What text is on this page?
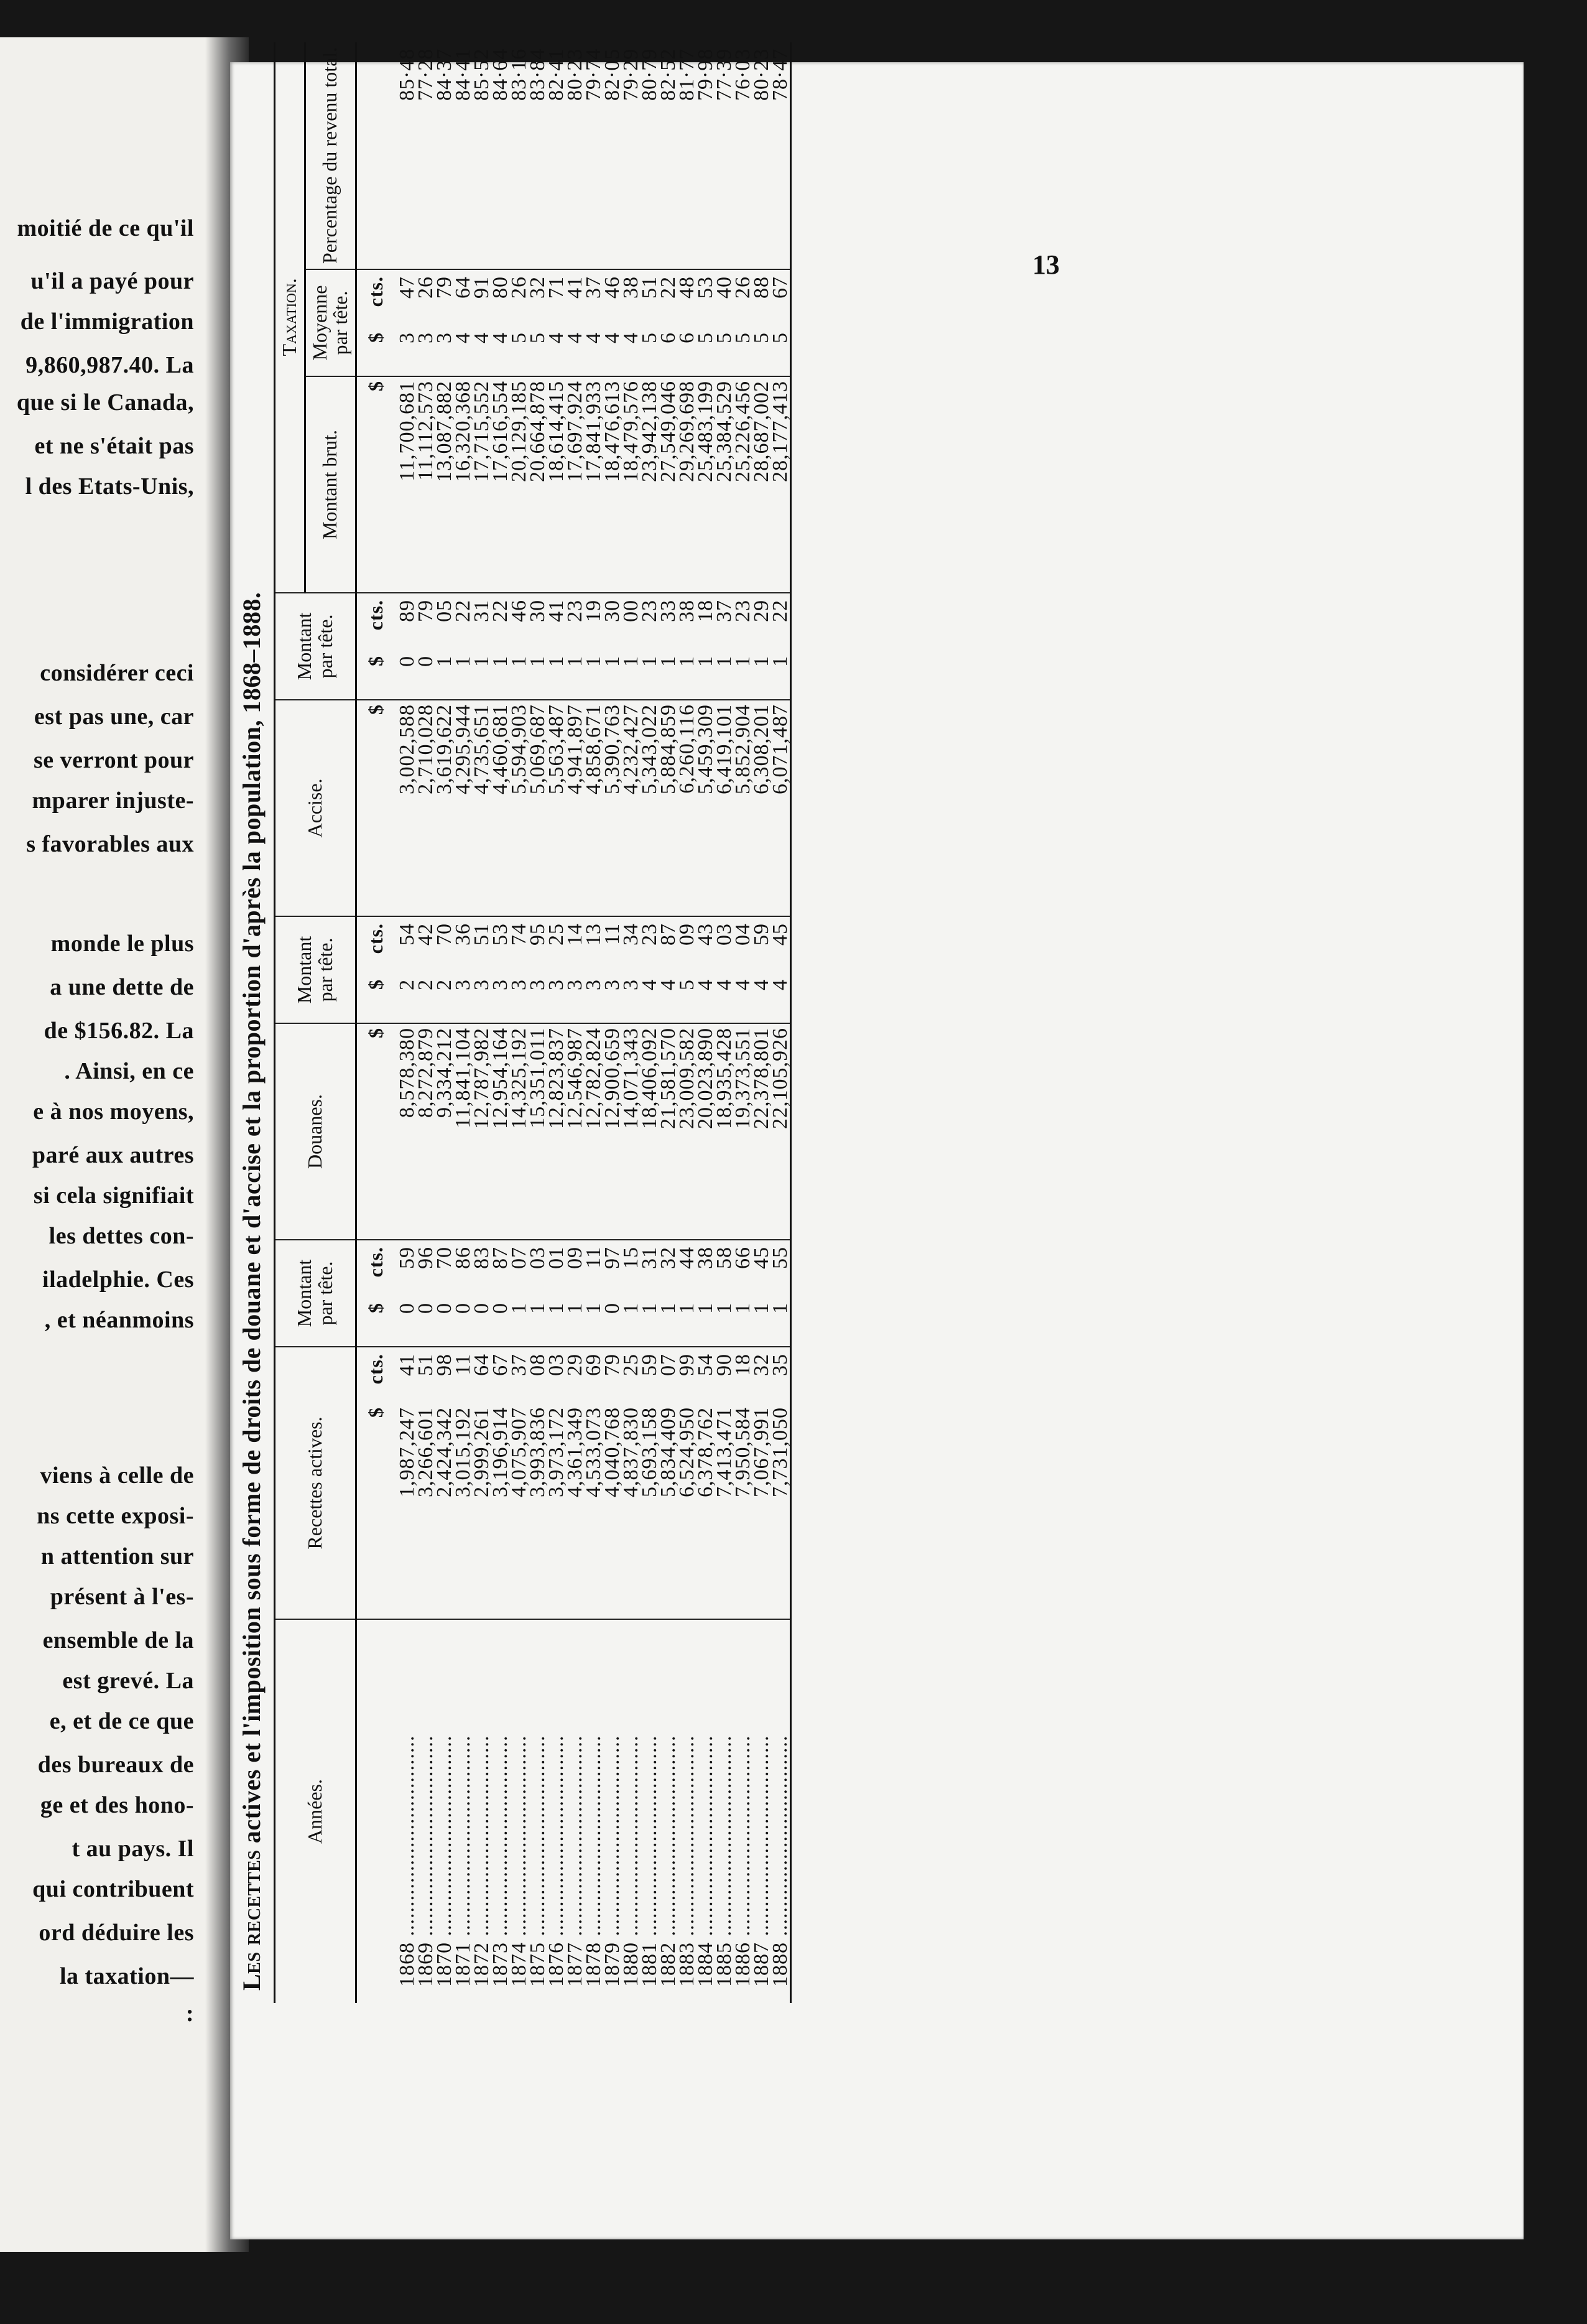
moitié de ce qu'il
u'il a payé pour
de l'immigration
9,860,987.40. La
que si le Canada,
et ne s'était pas
l des Etats-Unis,
considérer ceci
est pas une, car
se verront pour
mparer injuste-
s favorables aux
monde le plus
a une dette de
de $156.82. La
. Ainsi, en ce
e à nos moyens,
paré aux autres
si cela signifiait
les dettes con-
iladelphie. Ces
, et néanmoins
viens à celle de
ns cette exposi-
n attention sur
présent à l'es-
ensemble de la
est grevé. La
e, et de ce que
des bureaux de
ge et des hono-
t au pays. Il
qui contribuent
ord déduire les
la taxation—
:
13
Les recettes actives et l'imposition sous forme de droits de douane et d'accise et la proportion d'après la population, 1868–1888.	Années.	Recettes actives.		Montant par tête.		Douanes.	Montant par tête.		Accise.	Montant par tête.		Taxation.			
											Montant brut.	Moyenne par tête.		Percentage du revenu total.
	$	cts.	$	cts.	$	$	cts.	$	$	cts.	$	$	cts.	
1868 ..................................	1,987,247	41	0	59	8,578,380	2	54	3,002,588	0	89	11,700,681	3	47	85·48
1869 ..................................	3,266,601	51	0	96	8,272,879	2	42	2,710,028	0	79	11,112,573	3	26	77·28
1870 ..................................	2,424,342	98	0	70	9,334,212	2	70	3,619,622	1	05	13,087,882	3	79	84·37
1871 ..................................	3,015,192	11	0	86	11,841,104	3	36	4,295,944	1	22	16,320,368	4	64	84·41
1872 ..................................	2,999,261	64	0	83	12,787,982	3	51	4,735,651	1	31	17,715,552	4	91	85·52
1873 ..................................	3,196,914	67	0	87	12,954,164	3	53	4,460,681	1	22	17,616,554	4	80	84·64
1874 ..................................	4,075,907	37	1	07	14,325,192	3	74	5,594,903	1	46	20,129,185	5	26	83·16
1875 ..................................	3,993,836	08	1	03	15,351,011	3	95	5,069,687	1	30	20,664,878	5	32	83·84
1876 ..................................	3,973,172	03	1	01	12,823,837	3	25	5,563,487	1	41	18,614,415	4	71	82·41
1877 ..................................	4,361,349	29	1	09	12,546,987	3	14	4,941,897	1	23	17,697,924	4	41	80·23
1878 ..................................	4,533,073	69	1	11	12,782,824	3	13	4,858,671	1	19	17,841,933	4	37	79·74
1879 ..................................	4,040,768	79	0	97	12,900,659	3	11	5,390,763	1	30	18,476,613	4	46	82·05
1880 ..................................	4,837,830	25	1	15	14,071,343	3	34	4,232,427	1	00	18,479,576	4	38	79·29
1881 ..................................	5,693,158	59	1	31	18,406,092	4	23	5,343,022	1	23	23,942,138	5	51	80·79
1882 ..................................	5,834,409	07	1	32	21,581,570	4	87	5,884,859	1	33	27,549,046	6	22	82·52
1883 ..................................	6,524,950	99	1	44	23,009,582	5	09	6,260,116	1	38	29,269,698	6	48	81·77
1884 ..................................	6,378,762	54	1	38	20,023,890	4	43	5,459,309	1	18	25,483,199	5	53	79·98
1885 ..................................	7,413,471	90	1	58	18,935,428	4	03	6,419,101	1	37	25,384,529	5	40	77·39
1886 ..................................	7,950,584	18	1	66	19,373,551	4	04	5,852,904	1	23	25,226,456	5	26	76·03
1887 ..................................	7,067,991	32	1	45	22,378,801	4	59	6,308,201	1	29	28,687,002	5	88	80·23
1888 ..................................	7,731,050	35	1	55	22,105,926	4	45	6,071,487	1	22	28,177,413	5	67	78·47
